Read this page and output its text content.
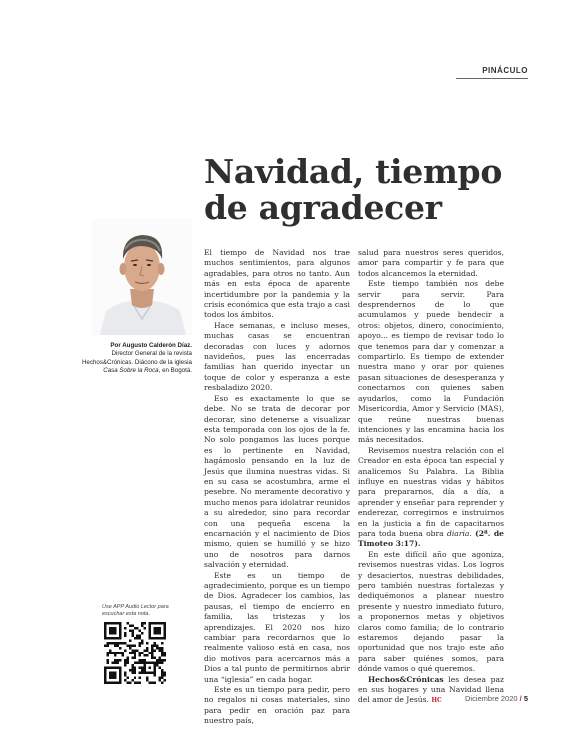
PINÁCULO
Navidad, tiempo de agradecer
Por Augusto Calderón Díaz.
Director General de la revista Hechos&Crónicas. Diácono de la iglesia Casa Sobre la Roca, en Bogotá.
Use APP Audio Lector para escuchar esta nota.

El tiempo de Navidad nos trae muchos sentimientos, para algunos agradables, para otros no tanto. Aun más en esta época de aparente incertidumbre por la pandemia y la crisis económica que esta trajo a casi todos los ámbitos.

Hace semanas, e incluso meses, muchas casas se encuentran decoradas con luces y adornos navideños, pues las encerradas familias han querido inyectar un toque de color y esperanza a este resbaladizo 2020.

Eso es exactamente lo que se debe. No se trata de decorar por decorar, sino detenerse a visualizar esta temporada con los ojos de la fe. No solo pongamos las luces porque es lo pertinente en Navidad, hagámoslo pensando en la luz de Jesús que ilumina nuestras vidas. Si en su casa se acostumbra, arme el pesebre. No meramente decorativo y mucho menos para idolatrar reunidos a su alrededor, sino para recordar con una pequeña escena la encarnación y el nacimiento de Dios mismo, quien se humilló y se hizo uno de nosotros para darnos salvación y eternidad.

Este es un tiempo de agradecimiento, porque es un tiempo de Dios. Agradecer los cambios, las pausas, el tiempo de encierro en familia, las tristezas y los aprendizajes. El 2020 nos hizo cambiar para recordarnos que lo realmente valioso está en casa, nos dio motivos para acercarnos más a Dios a tal punto de permitirnos abrir una “iglesia” en cada hogar.

Este es un tiempo para pedir, pero no regalos ni cosas materiales, sino para pedir en oración paz para nuestro país,

salud para nuestros seres queridos, amor para compartir y fe para que todos alcancemos la eternidad.

Este tiempo también nos debe servir para servir. Para desprendernos de lo que acumulamos y puede bendecir a otros: objetos, dinero, conocimiento, apoyo... es tiempo de revisar todo lo que tenemos para dar y comenzar a compartirlo. Es tiempo de extender nuestra mano y orar por quienes pasan situaciones de desesperanza y conectarnos con quienes saben ayudarlos, como la Fundación Misericordia, Amor y Servicio (MAS), que reúne nuestras buenas intenciones y las encamina hacia los más necesitados.

Revisemos nuestra relación con el Creador en esta época tan especial y analicemos Su Palabra. La Biblia influye en nuestras vidas y hábitos para prepararnos, día a día, a aprender y enseñar para reprender y enderezar, corregirnos e instruirnos en la justicia a fin de capacitarnos para toda buena obra diaria. (2ª. de Timoteo 3:17).

En este difícil año que agoniza, revisemos nuestras vidas. Los logros y desaciertos, nuestras debilidades, pero también nuestras fortalezas y dediquémonos a planear nuestro presente y nuestro inmediato futuro, a proponernos metas y objetivos claros como familia; de lo contrario estaremos dejando pasar la oportunidad que nos trajo este año para saber quiénes somos, para dónde vamos o qué queremos.

Hechos&Crónicas les desea paz en sus hogares y una Navidad llena del amor de Jesús. HC	Diciembre 2020 / 5
